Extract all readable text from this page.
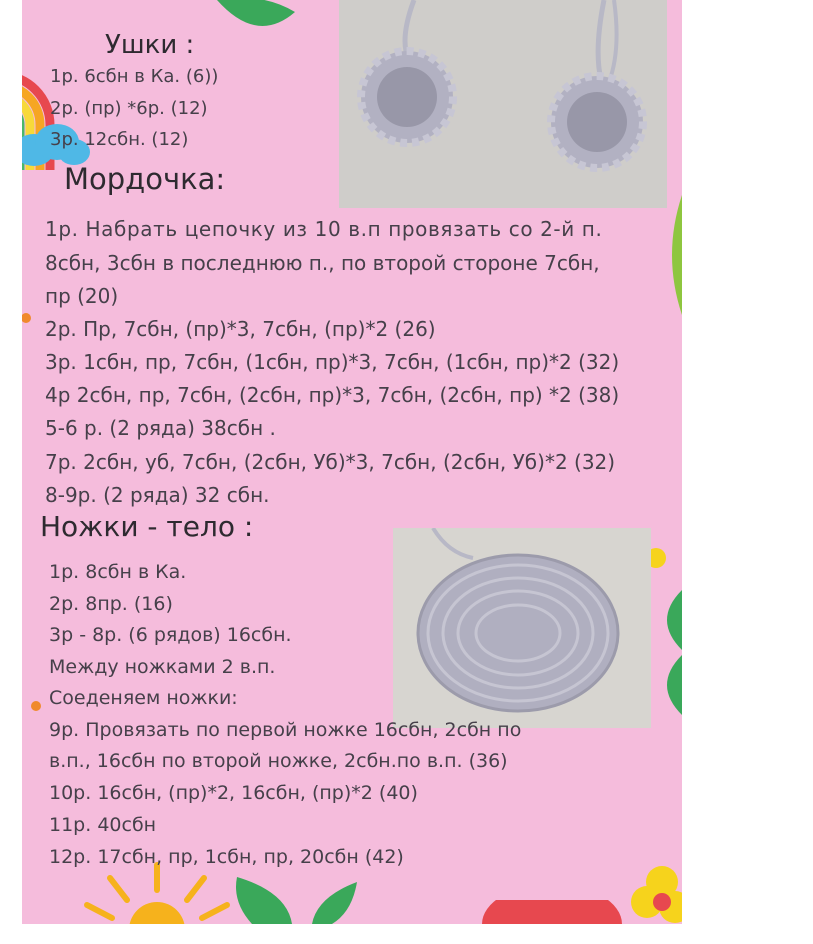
Ушки :
1р. 6сбн в Ка. (6))
2р. (пр) *6р. (12)
3р. 12сбн. (12)
Мордочка:
1р. Набрать цепочку из 10 в.п провязать со 2-й п.
8сбн, 3сбн в последнюю п., по второй стороне 7сбн,
пр (20)
2р. Пр, 7сбн, (пр)*3, 7сбн, (пр)*2 (26)
3р. 1сбн, пр, 7сбн, (1сбн, пр)*3, 7сбн, (1сбн, пр)*2 (32)
4р 2сбн, пр, 7сбн, (2сбн, пр)*3, 7сбн, (2сбн, пр) *2 (38)
5-6 р. (2 ряда) 38сбн .
7р. 2сбн, уб, 7сбн, (2сбн, Уб)*3, 7сбн, (2сбн, Уб)*2 (32)
8-9р. (2 ряда) 32 сбн.
Ножки - тело :
1р. 8сбн в Ка.
2р. 8пр. (16)
3р - 8р. (6 рядов) 16сбн.
Между ножками 2 в.п.
Соеденяем ножки:
9р. Провязать по первой ножке 16сбн, 2сбн по
в.п., 16сбн по второй ножке, 2сбн.по в.п. (36)
10р. 16сбн, (пр)*2, 16сбн, (пр)*2 (40)
11р. 40сбн
12р. 17сбн, пр, 1сбн, пр, 20сбн (42)
